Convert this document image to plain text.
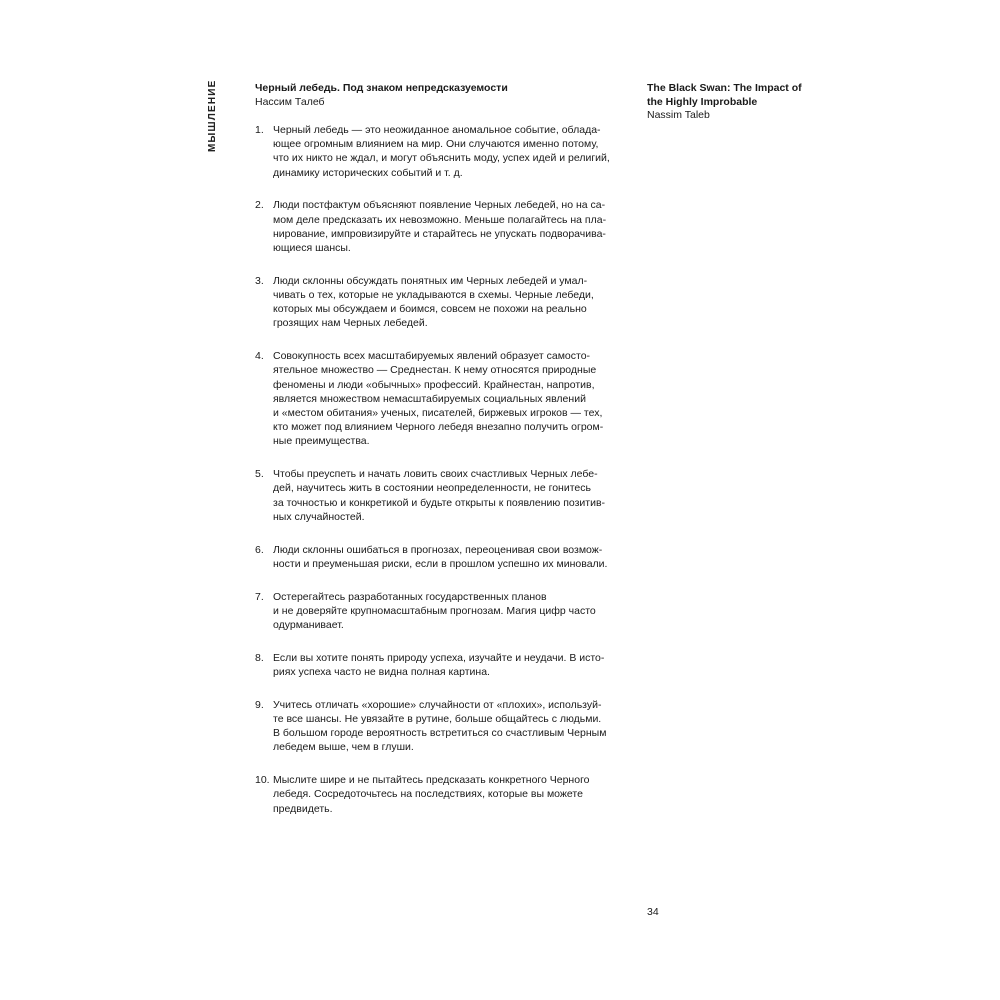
МЫШЛЕНИЕ	Черный лебедь. Под знаком непредсказуемости
Нассим Талеб
The Black Swan: The Impact of
the Highly Improbable
Nassim Taleb
1. Черный лебедь — это неожиданное аномальное событие, облада-
ющее огромным влиянием на мир. Они случаются именно потому,
что их никто не ждал, и могут объяснить моду, успех идей и религий,
динамику исторических событий и т. д.
2. Люди постфактум объясняют появление Черных лебедей, но на са-
мом деле предсказать их невозможно. Меньше полагайтесь на пла-
нирование, импровизируйте и старайтесь не упускать подворачива-
ющиеся шансы.
3. Люди склонны обсуждать понятных им Черных лебедей и умал-
чивать о тех, которые не укладываются в схемы. Черные лебеди,
которых мы обсуждаем и боимся, совсем не похожи на реально
грозящих нам Черных лебедей.
4. Совокупность всех масштабируемых явлений образует самосто-
ятельное множество — Среднестан. К нему относятся природные
феномены и люди «обычных» профессий. Крайнестан, напротив,
является множеством немасштабируемых социальных явлений
и «местом обитания» ученых, писателей, биржевых игроков — тех,
кто может под влиянием Черного лебедя внезапно получить огром-
ные преимущества.
5. Чтобы преуспеть и начать ловить своих счастливых Черных лебе-
дей, научитесь жить в состоянии неопределенности, не гонитесь
за точностью и конкретикой и будьте открыты к появлению позитив-
ных случайностей.
6. Люди склонны ошибаться в прогнозах, переоценивая свои возмож-
ности и преуменьшая риски, если в прошлом успешно их миновали.
7. Остерегайтесь разработанных государственных планов
и не доверяйте крупномасштабным прогнозам. Магия цифр часто
одурманивает.
8. Если вы хотите понять природу успеха, изучайте и неудачи. В исто-
риях успеха часто не видна полная картина.
9. Учитесь отличать «хорошие» случайности от «плохих», используй-
те все шансы. Не увязайте в рутине, больше общайтесь с людьми.
В большом городе вероятность встретиться со счастливым Черным
лебедем выше, чем в глуши.
10. Мыслите шире и не пытайтесь предсказать конкретного Черного
лебедя. Сосредоточьтесь на последствиях, которые вы можете
предвидеть.
34
